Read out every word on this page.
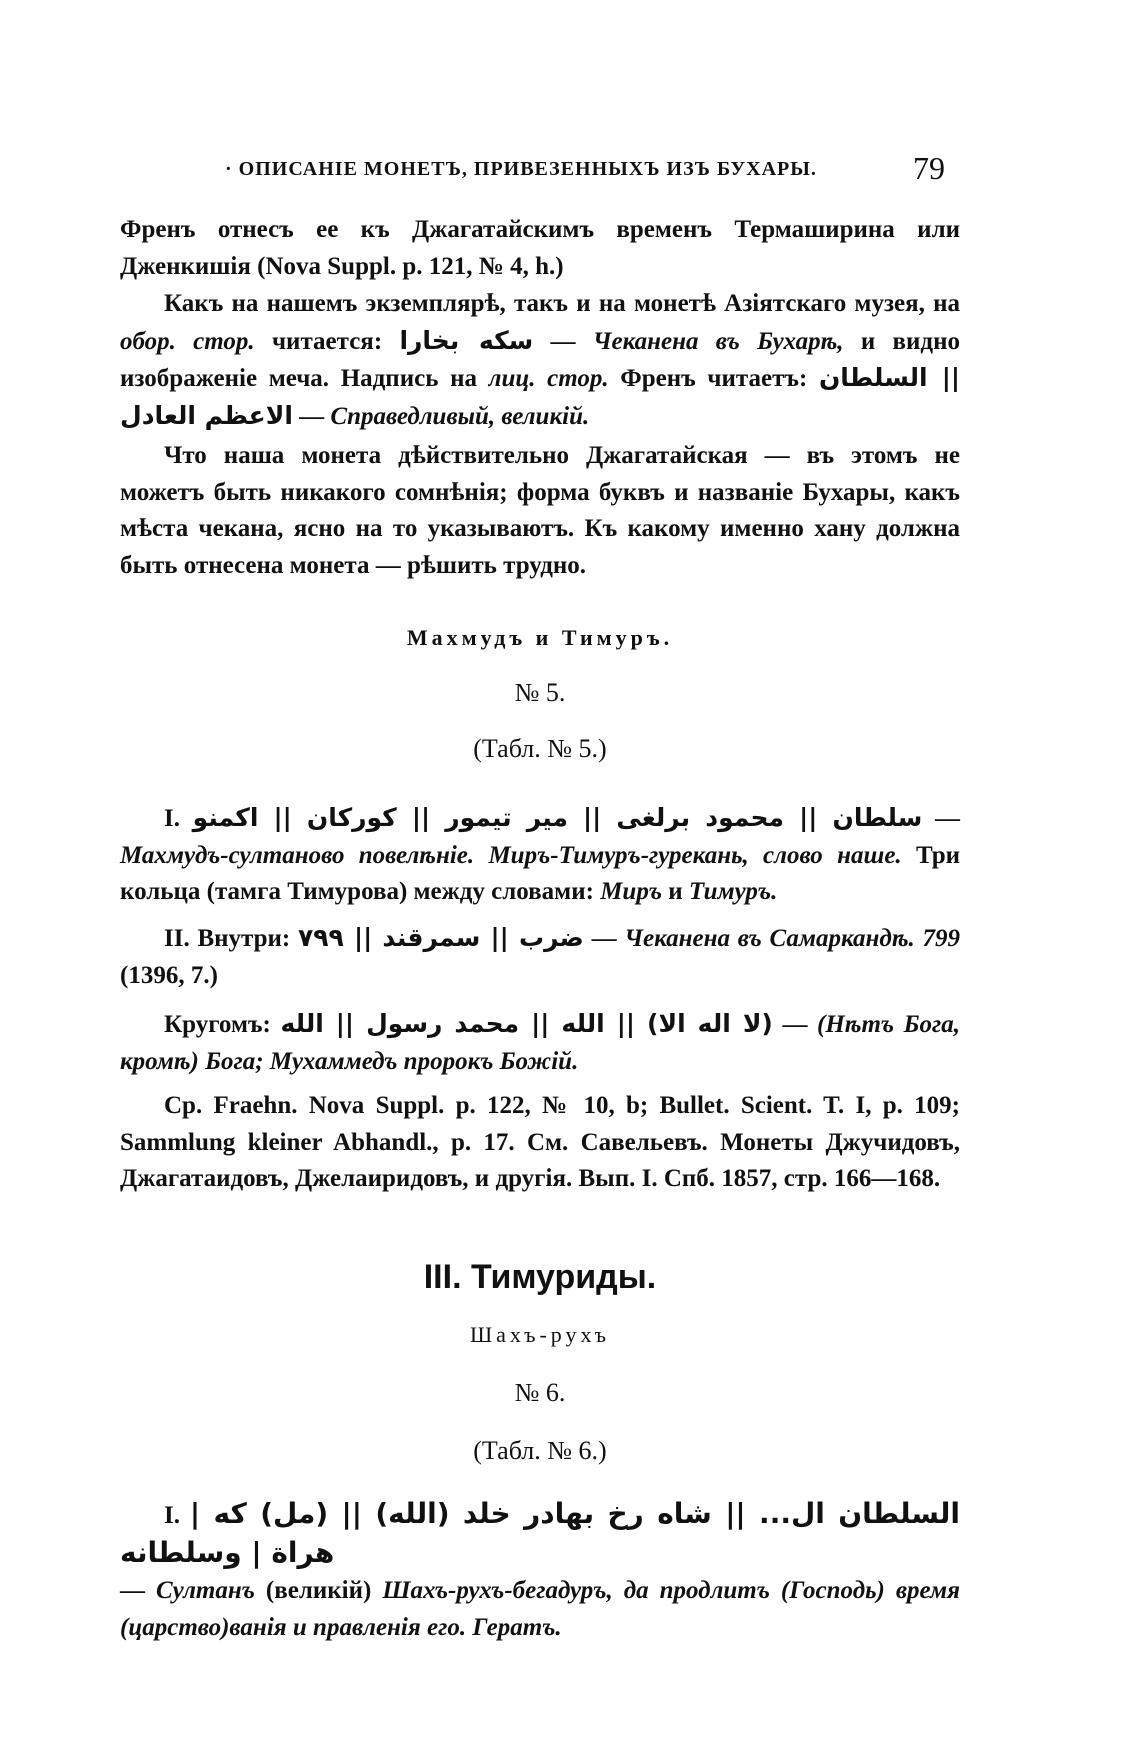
· ОПИСАНІЕ МОНЕТЪ, ПРИВЕЗЕННЫХЪ ИЗЪ БУХАРЫ.	79

Френъ отнесъ ее къ Джагатайскимъ временъ Термаширина или Дженкишія (Nova Suppl. p. 121, № 4, h.)

Какъ на нашемъ экземплярѣ, такъ и на монетѣ Азіятскаго музея, на обор. стор. читается: سكه بخارا — Чеканена въ Бухарѣ, и видно изображеніе меча. Надпись на лиц. стор. Френъ читаетъ: || السلطان الاعظم العادل — Справедливый, великій.

Что наша монета дѣйствительно Джагатайская — въ этомъ не можетъ быть никакого сомнѣнія; форма буквъ и названіе Бухары, какъ мѣста чекана, ясно на то указываютъ. Къ какому именно хану должна быть отнесена монета — рѣшить трудно.

Махмудъ и Тимуръ.
№ 5.
(Табл. № 5.)

I. سلطان || محمود برلغى || مير تيمور || كوركان || اكمنو — Махмудъ-султаново повелѣніе. Миръ-Тимуръ-гурекань, слово наше. Три кольца (тамга Тимурова) между словами: Миръ и Тимуръ.

II. Внутри: ضرب || سمرقند || ٧٩٩ — Чеканена въ Самаркандѣ. 799 (1396, 7.)

Кругомъ: (لا اله الا) || الله || محمد رسول || الله — (Нѣтъ Бога, кромѣ) Бога; Мухаммедъ пророкъ Божій.

Ср. Fraehn. Nova Suppl. p. 122, № 10, b; Bullet. Scient. T. I, p. 109; Sammlung kleiner Abhandl., p. 17. См. Савельевъ. Монеты Джучидовъ, Джагатаидовъ, Джелаиридовъ, и другія. Вып. I. Спб. 1857, стр. 166—168.

III. Тимуриды.
Шахъ-рухъ
№ 6.
(Табл. № 6.)

I. السلطان ال... || شاه رخ بهادر خلد (الله) || (مل) که | هراة | وسلطانه

— Султанъ (великій) Шахъ-рухъ-бегадуръ, да продлитъ (Господь) время (царство)ванія и правленія его. Гератъ.
